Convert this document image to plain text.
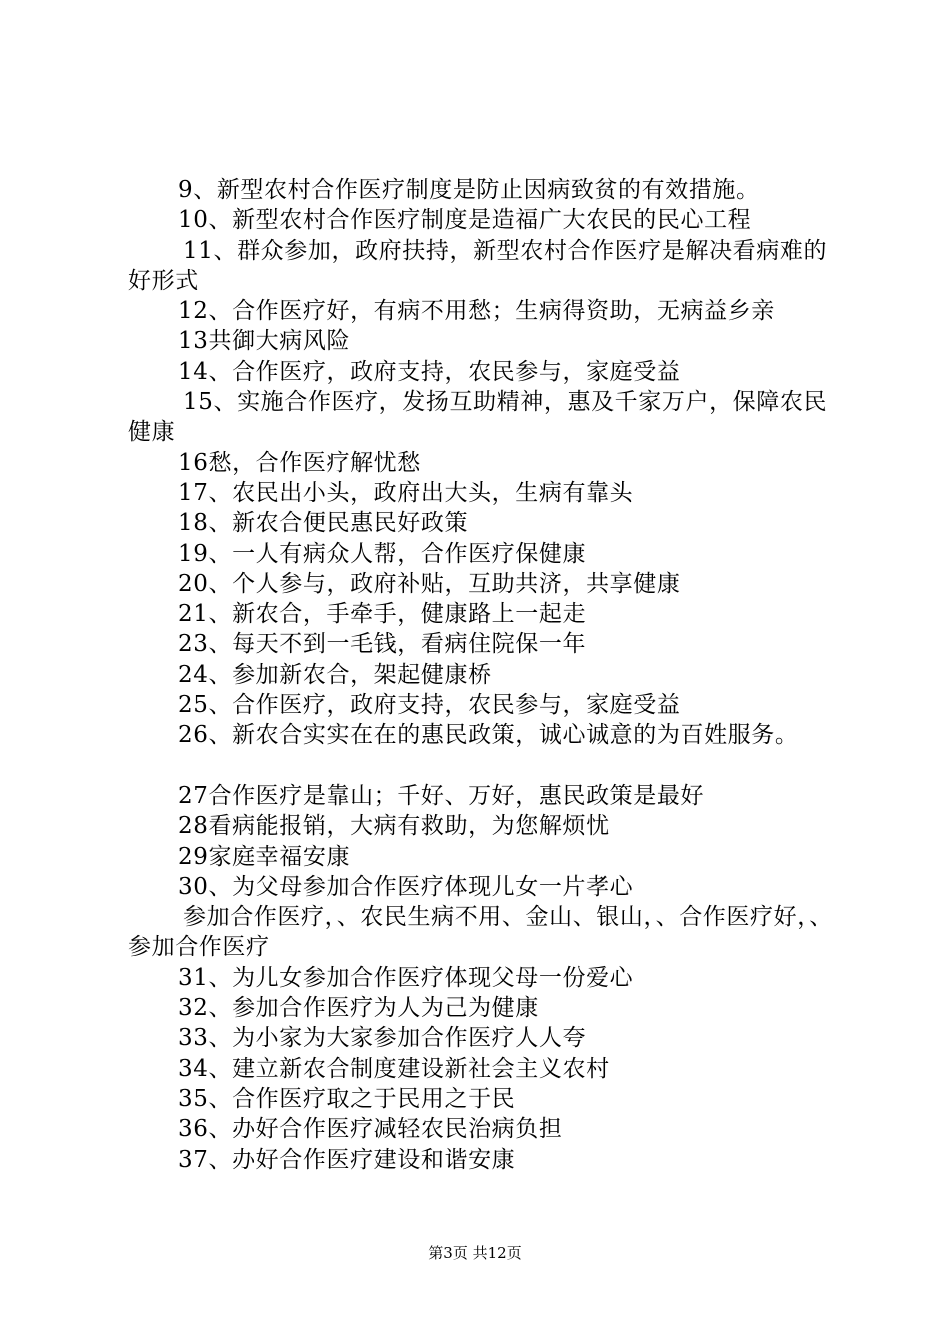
9、新型农村合作医疗制度是防止因病致贫的有效措施。
10、新型农村合作医疗制度是造福广大农民的民心工程
11、群众参加，政府扶持，新型农村合作医疗是解决看病难的好形式
12、合作医疗好，有病不用愁；生病得资助，无病益乡亲
13共御大病风险
14、合作医疗，政府支持，农民参与，家庭受益
15、实施合作医疗，发扬互助精神，惠及千家万户，保障农民健康
16愁，合作医疗解忧愁
17、农民出小头，政府出大头，生病有靠头
18、新农合便民惠民好政策
19、一人有病众人帮，合作医疗保健康
20、个人参与，政府补贴，互助共济，共享健康
21、新农合，手牵手，健康路上一起走
23、每天不到一毛钱，看病住院保一年
24、参加新农合，架起健康桥
25、合作医疗，政府支持，农民参与，家庭受益
26、新农合实实在在的惠民政策，诚心诚意的为百姓服务。
27合作医疗是靠山；千好、万好，惠民政策是最好
28看病能报销，大病有救助，为您解烦忧
29家庭幸福安康
30、为父母参加合作医疗体现儿女一片孝心
参加合作医疗，、农民生病不用、金山、银山，、合作医疗好，、参加合作医疗
31、为儿女参加合作医疗体现父母一份爱心
32、参加合作医疗为人为己为健康
33、为小家为大家参加合作医疗人人夸
34、建立新农合制度建设新社会主义农村
35、合作医疗取之于民用之于民
36、办好合作医疗减轻农民治病负担
37、办好合作医疗建设和谐安康
第3页 共12页
